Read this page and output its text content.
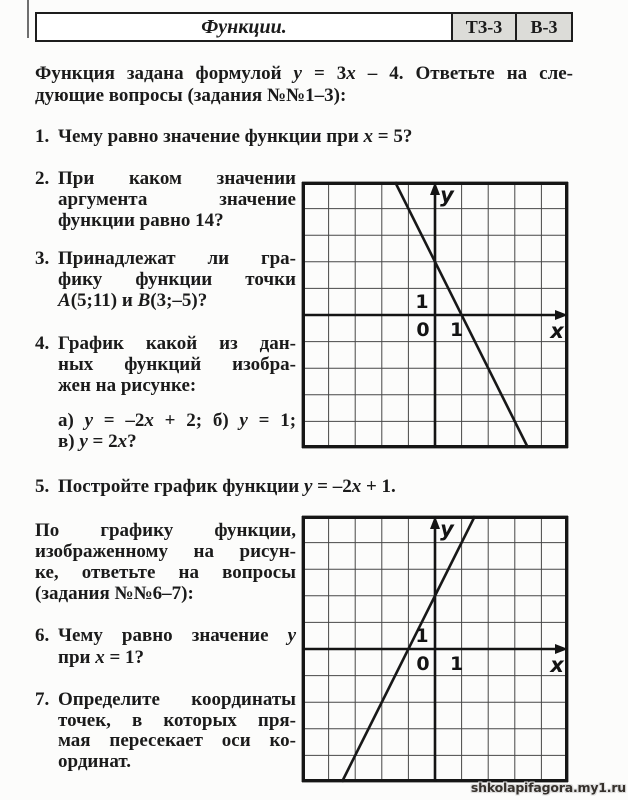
Функции.	ТЗ-3	В-3
Функция задана формулой y = 3x – 4. Ответьте на сле-
дующие вопросы (задания №№1–3):
1. Чему равно значение функции при x = 5?
2. При каком значении
аргумента значение
функции равно 14?
3. Принадлежат ли гра-
фику функции точки
A(5;11) и B(3;–5)?
4. График какой из дан-
ных функций изобра-
жен на рисунке:
а) y = –2x + 2; б) y = 1;
в) y = 2x?
5. Постройте график функции y = –2x + 1.
По графику функции,
изображенному на рисун-
ке, ответьте на вопросы
(задания №№6–7):
6. Чему равно значение y
при x = 1?
7. Определите координаты
точек, в которых пря-
мая пересекает оси ко-
ординат.
y
x
1
0 1
y
x
1
0 1
shkolapifagora.my1.ru
